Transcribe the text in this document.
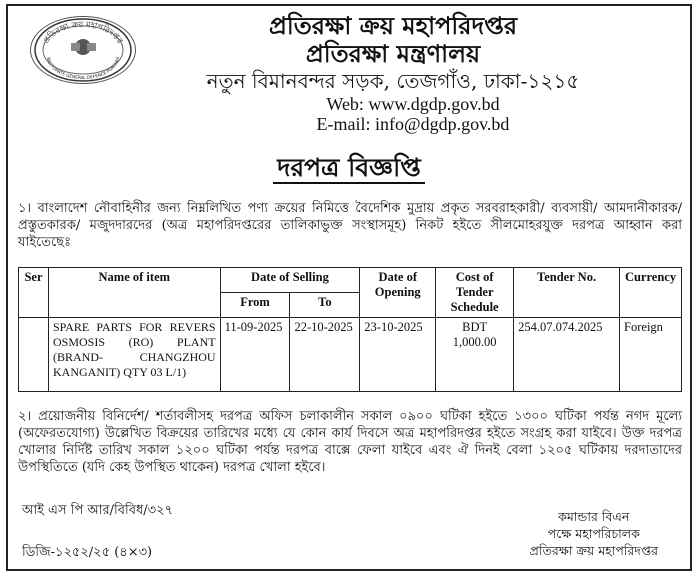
প্রতিরক্ষা ক্রয় মহাপরিদপ্তর
IRECTORATE GENERAL DEFENCE PURCHAS
প্রতিরক্ষা ক্রয় মহাপরিদপ্তর
প্রতিরক্ষা মন্ত্রণালয়
নতুন বিমানবন্দর সড়ক, তেজগাঁও, ঢাকা-১২১৫
Web: www.dgdp.gov.bd
E-mail: info@dgdp.gov.bd
দরপত্র বিজ্ঞপ্তি
১। বাংলাদেশ নৌবাহিনীর জন্য নিম্নলিখিত পণ্য ক্রয়ের নিমিত্তে বৈদেশিক মুদ্রায় প্রকৃত সরবরাহকারী/ ব্যবসায়ী/ আমদানীকারক/ প্রস্তুতকারক/ মজুদদারদের (অত্র মহাপরিদপ্তরের তালিকাভুক্ত সংস্থাসমূহ) নিকট হইতে সীলমোহরযুক্ত দরপত্র আহ্বান করা যাইতেছেঃ
Ser	Name of item	Date of Selling		Date of Opening	Cost of Tender Schedule	Tender No.	Currency
		From	To				
	SPARE PARTS FOR REVERS OSMOSIS (RO) PLANT (BRAND- CHANGZHOU KANGANIT) QTY 03 L/1)	11-09-2025	22-10-2025	23-10-2025	BDT 1,000.00	254.07.074.2025	Foreign
২। প্রয়োজনীয় বিনির্দেশ/ শর্তাবলীসহ দরপত্র অফিস চলাকালীন সকাল ০৯০০ ঘটিকা হইতে ১৩০০ ঘটিকা পর্যন্ত নগদ মূল্যে (অফেরতযোগ্য) উল্লেখিত বিক্রয়ের তারিখের মধ্যে যে কোন কার্য দিবসে অত্র মহাপরিদপ্তর হইতে সংগ্রহ করা যাইবে। উক্ত দরপত্র খোলার নির্দিষ্ট তারিখ সকাল ১২০০ ঘটিকা পর্যন্ত দরপত্র বাক্সে ফেলা যাইবে এবং ঐ দিনই বেলা ১২০৫ ঘটিকায় দরদাতাদের উপস্থিতিতে (যদি কেহ উপস্থিত থাকেন) দরপত্র খোলা হইবে।
আই এস পি আর/বিবিধ/৩২৭	কমান্ডার বিএন
পক্ষে মহাপরিচালক
প্রতিরক্ষা ক্রয় মহাপরিদপ্তর
ডিজি-১২৫২/২৫ (৪×৩)
